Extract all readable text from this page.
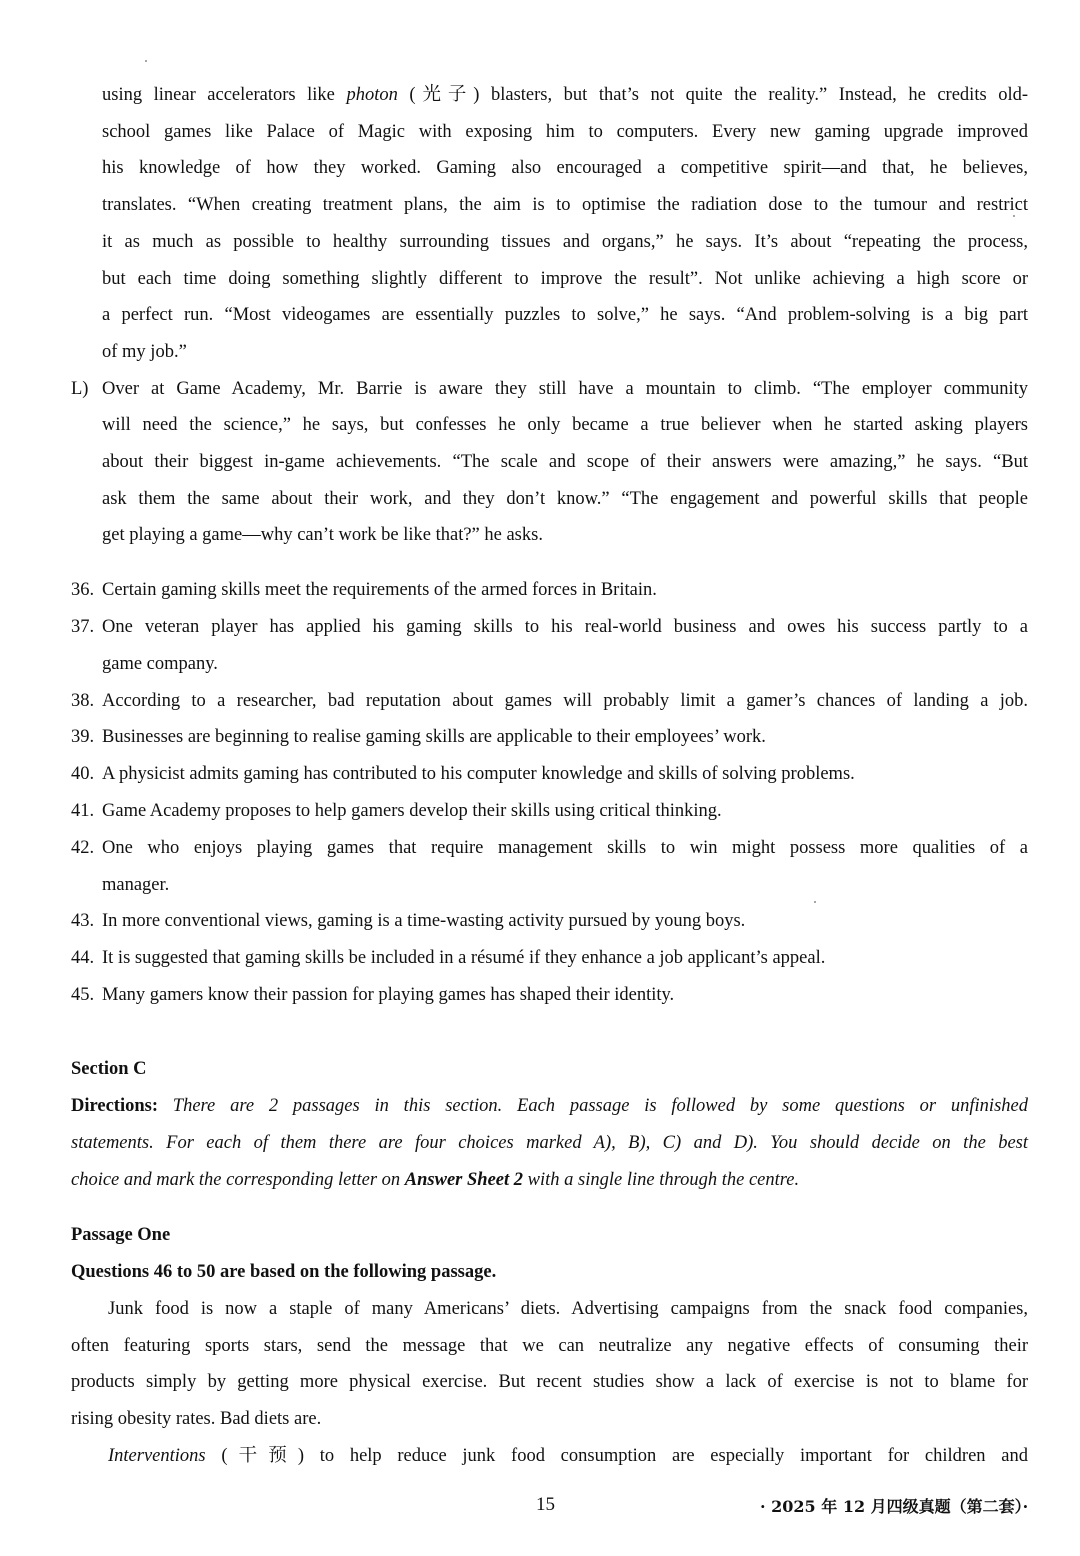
using linear accelerators like photon (光子) blasters, but that’s not quite the reality.” Instead, he credits old-
school games like Palace of Magic with exposing him to computers. Every new gaming upgrade improved
his knowledge of how they worked. Gaming also encouraged a competitive spirit—and that, he believes,
translates. “When creating treatment plans, the aim is to optimise the radiation dose to the tumour and restrict
it as much as possible to healthy surrounding tissues and organs,” he says. It’s about “repeating the process,
but each time doing something slightly different to improve the result”. Not unlike achieving a high score or
a perfect run. “Most videogames are essentially puzzles to solve,” he says. “And problem-solving is a big part
of my job.”
L) Over at Game Academy, Mr. Barrie is aware they still have a mountain to climb. “The employer community
will need the science,” he says, but confesses he only became a true believer when he started asking players
about their biggest in-game achievements. “The scale and scope of their answers were amazing,” he says. “But
ask them the same about their work, and they don’t know.” “The engagement and powerful skills that people
get playing a game—why can’t work be like that?” he asks.
36. Certain gaming skills meet the requirements of the armed forces in Britain.
37. One veteran player has applied his gaming skills to his real-world business and owes his success partly to a
game company.
38. According to a researcher, bad reputation about games will probably limit a gamer’s chances of landing a job.
39. Businesses are beginning to realise gaming skills are applicable to their employees’ work.
40. A physicist admits gaming has contributed to his computer knowledge and skills of solving problems.
41. Game Academy proposes to help gamers develop their skills using critical thinking.
42. One who enjoys playing games that require management skills to win might possess more qualities of a
manager.
43. In more conventional views, gaming is a time-wasting activity pursued by young boys.
44. It is suggested that gaming skills be included in a résumé if they enhance a job applicant’s appeal.
45. Many gamers know their passion for playing games has shaped their identity.
Section C
Directions: There are 2 passages in this section. Each passage is followed by some questions or unfinished
statements. For each of them there are four choices marked A), B), C) and D). You should decide on the best
choice and mark the corresponding letter on Answer Sheet 2 with a single line through the centre.
Passage One
Questions 46 to 50 are based on the following passage.
Junk food is now a staple of many Americans’ diets. Advertising campaigns from the snack food companies,
often featuring sports stars, send the message that we can neutralize any negative effects of consuming their
products simply by getting more physical exercise. But recent studies show a lack of exercise is not to blame for
rising obesity rates. Bad diets are.
Interventions (干预) to help reduce junk food consumption are especially important for children and
15	· 2025 年 12 月四级真题（第二套）·
